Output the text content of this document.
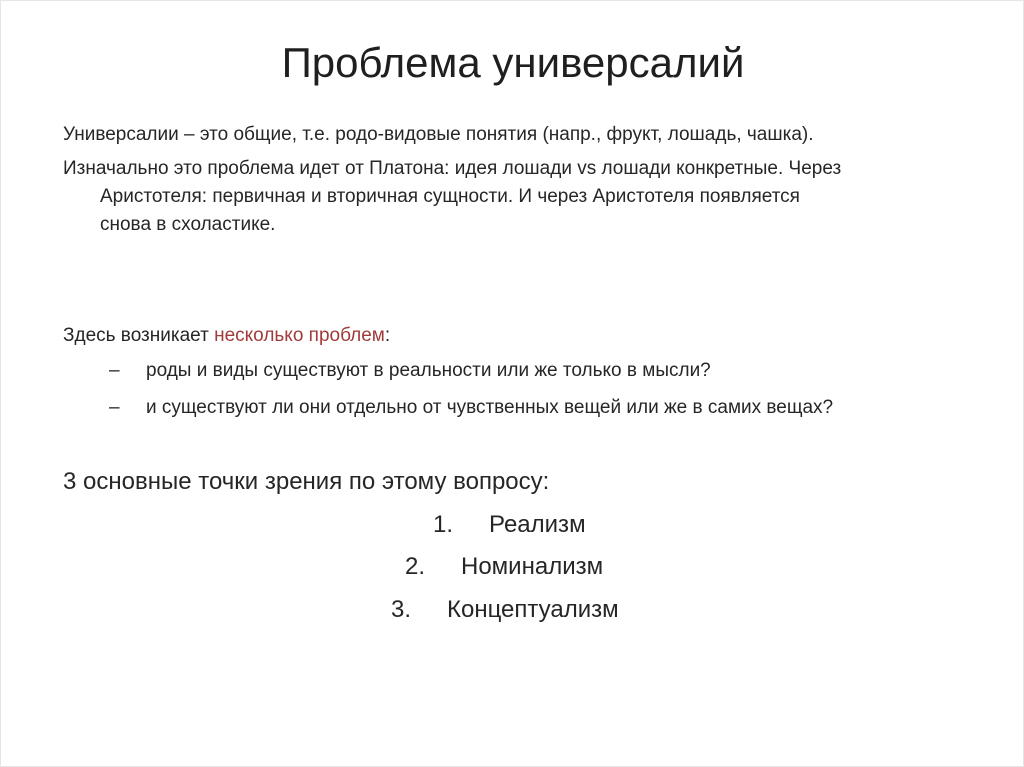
Проблема универсалий
Универсалии – это общие, т.е. родо-видовые понятия (напр., фрукт, лошадь, чашка).
Изначально это проблема идет от Платона: идея лошади vs лошади конкретные. Через
Аристотеля: первичная и вторичная сущности. И через Аристотеля появляется
снова в схоластике.
Здесь возникает несколько проблем:
– роды и виды существуют в реальности или же только в мысли?
– и существуют ли они отдельно от чувственных вещей или же в самих вещах?
3 основные точки зрения по этому вопросу:
1. Реализм
2. Номинализм
3. Концептуализм
